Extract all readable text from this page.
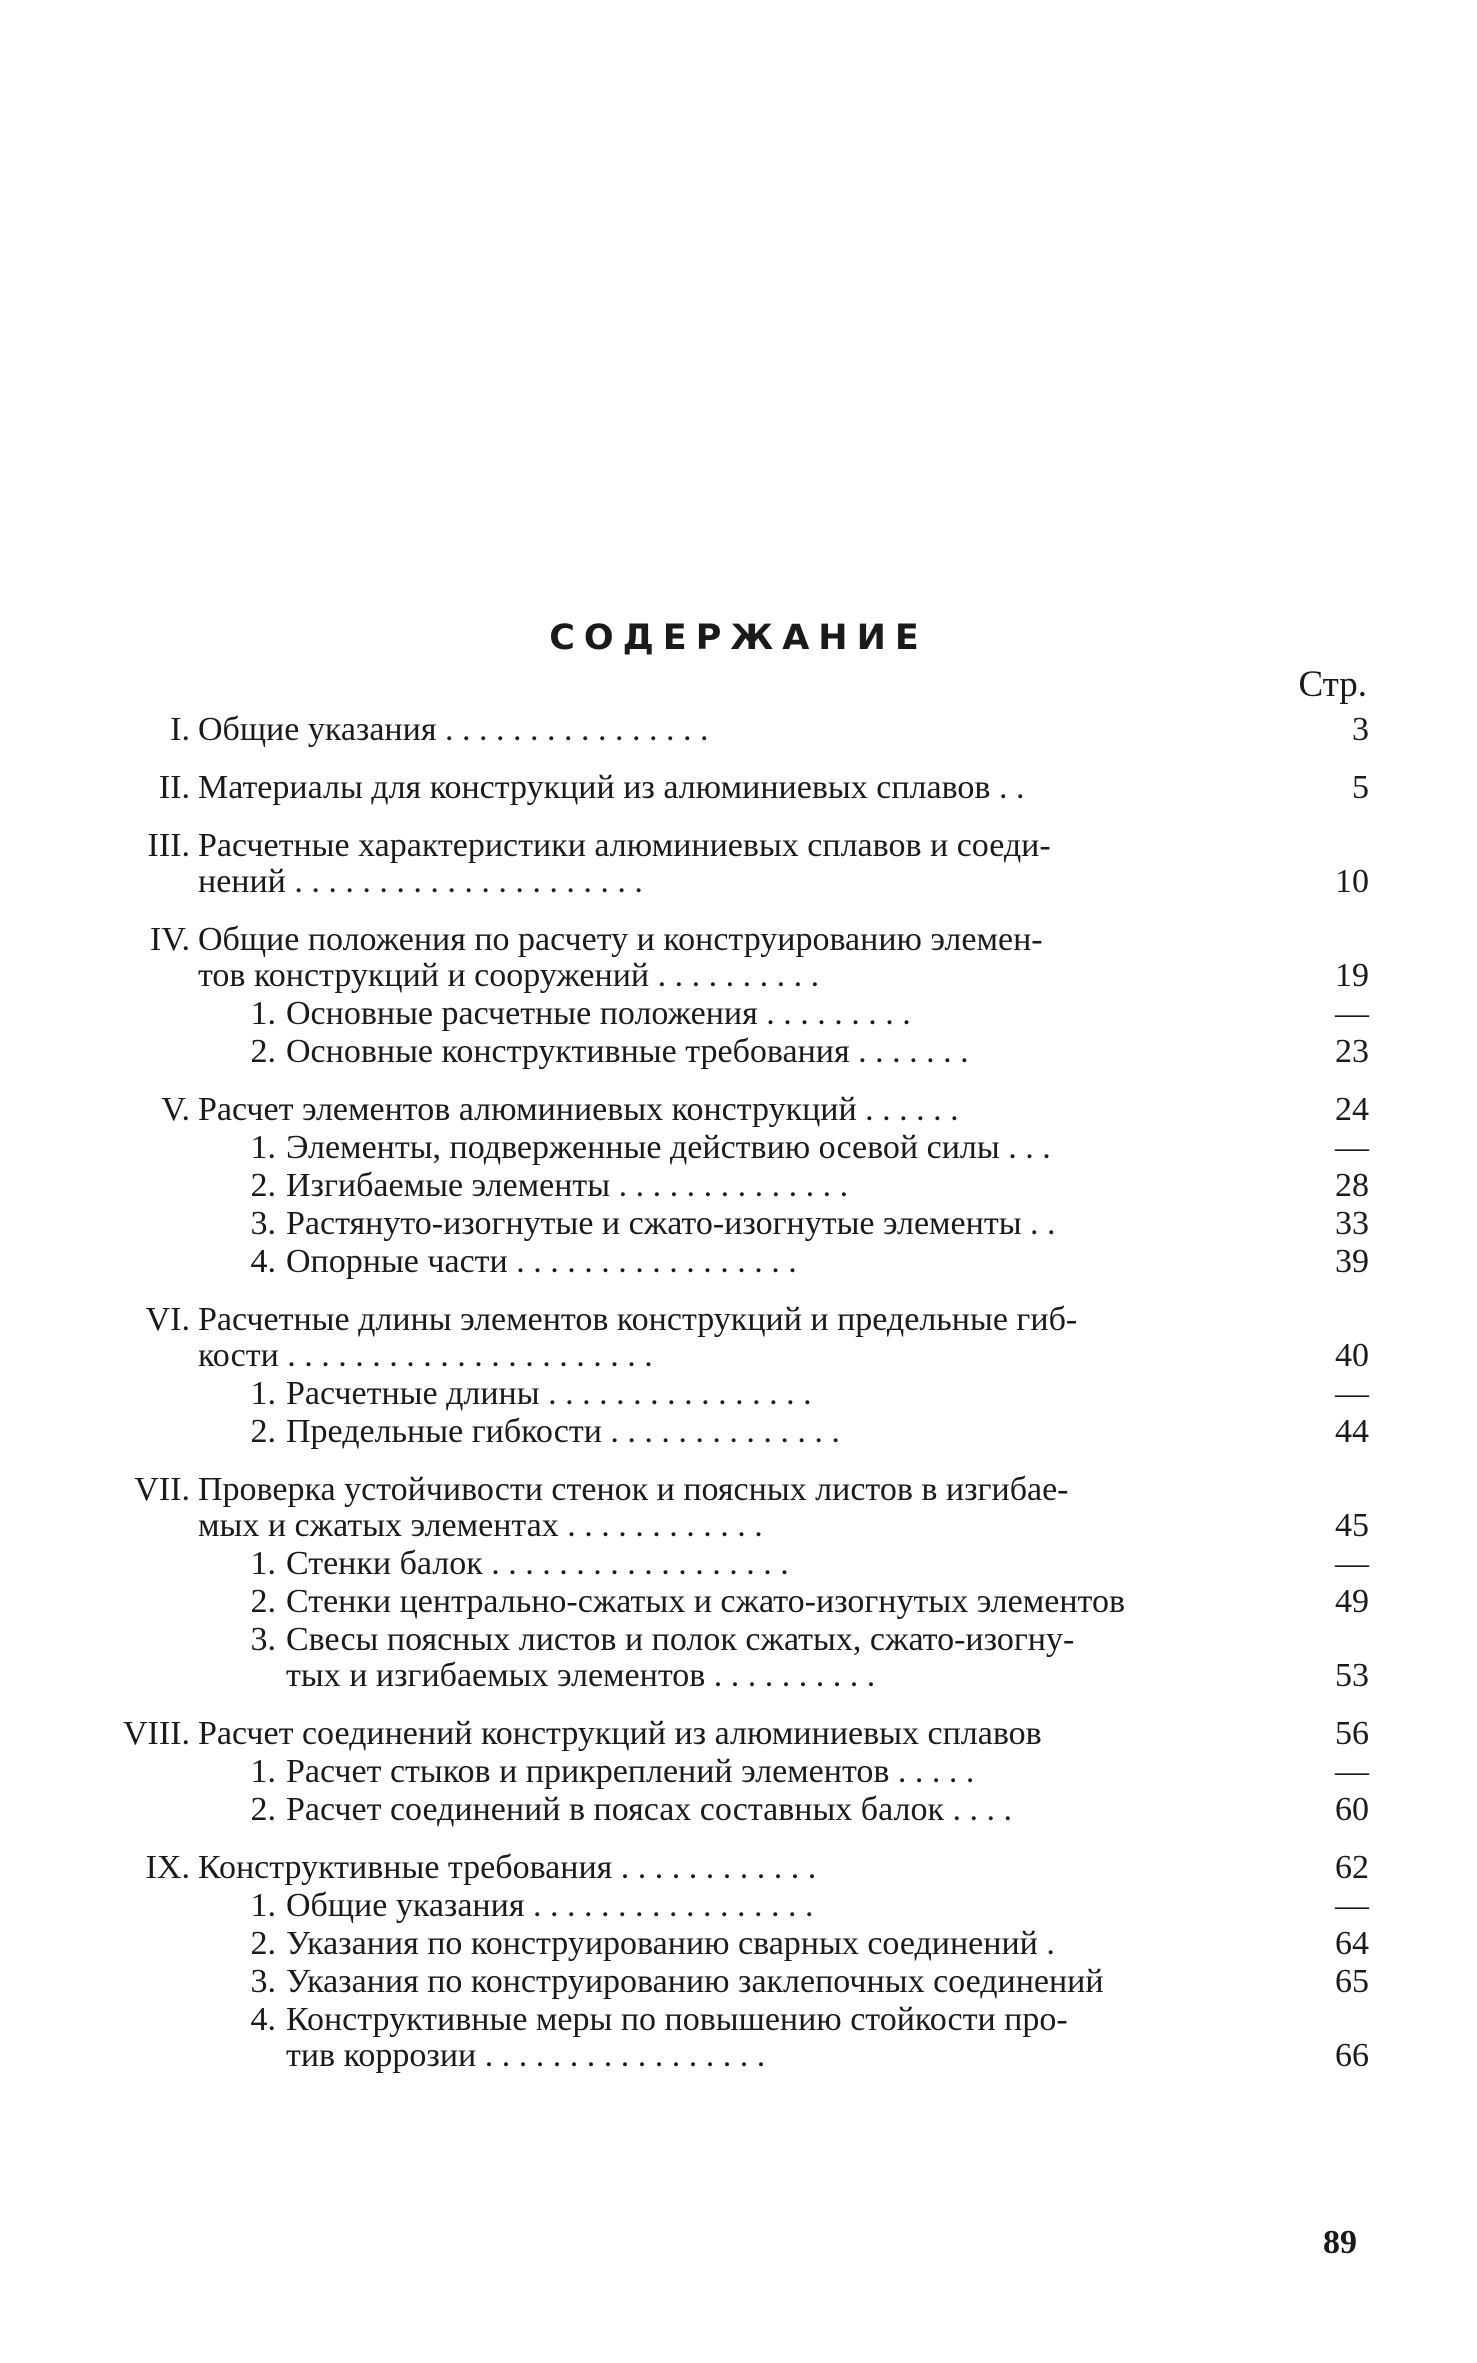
СОДЕРЖАНИЕ
Стр.
I. Общие указания . . . . . . . . . . . . . . . .	3
II. Материалы для конструкций из алюминиевых сплавов . .	5
III. Расчетные характеристики алюминиевых сплавов и соеди-
нений . . . . . . . . . . . . . . . . . . . . .	10
IV. Общие положения по расчету и конструированию элемен-
тов конструкций и сооружений . . . . . . . . . .	19
1. Основные расчетные положения . . . . . . . . .	—
2. Основные конструктивные требования . . . . . . .	23
V. Расчет элементов алюминиевых конструкций . . . . . .	24
1. Элементы, подверженные действию осевой силы . . .	—
2. Изгибаемые элементы . . . . . . . . . . . . . .	28
3. Растянуто-изогнутые и сжато-изогнутые элементы . .	33
4. Опорные части . . . . . . . . . . . . . . . . .	39
VI. Расчетные длины элементов конструкций и предельные гиб-
кости . . . . . . . . . . . . . . . . . . . . . .	40
1. Расчетные длины . . . . . . . . . . . . . . . .	—
2. Предельные гибкости . . . . . . . . . . . . . .	44
VII. Проверка устойчивости стенок и поясных листов в изгибае-
мых и сжатых элементах . . . . . . . . . . . .	45
1. Стенки балок . . . . . . . . . . . . . . . . . .	—
2. Стенки центрально-сжатых и сжато-изогнутых элементов	49
3. Свесы поясных листов и полок сжатых, сжато-изогну-
тых и изгибаемых элементов . . . . . . . . . .	53
VIII. Расчет соединений конструкций из алюминиевых сплавов	56
1. Расчет стыков и прикреплений элементов . . . . .	—
2. Расчет соединений в поясах составных балок . . . .	60
IX. Конструктивные требования . . . . . . . . . . . .	62
1. Общие указания . . . . . . . . . . . . . . . . .	—
2. Указания по конструированию сварных соединений .	64
3. Указания по конструированию заклепочных соединений	65
4. Конструктивные меры по повышению стойкости про-
тив коррозии . . . . . . . . . . . . . . . . .	66
89
